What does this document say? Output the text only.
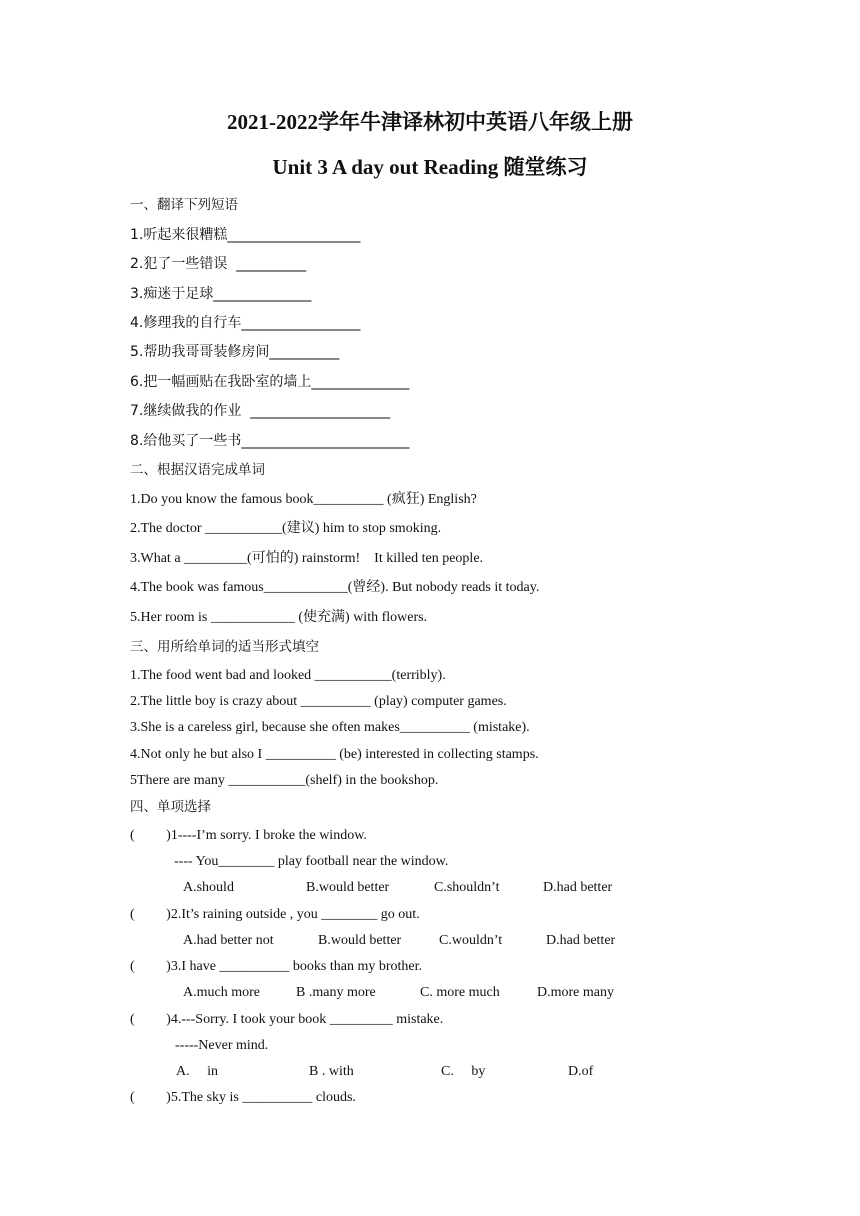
2021-2022学年牛津译林初中英语八年级上册
Unit 3 A day out Reading 随堂练习
一、翻译下列短语
1.听起来很糟糕___________________
2.犯了一些错误  __________
3.痴迷于足球______________
4.修理我的自行车_________________
5.帮助我哥哥装修房间__________
6.把一幅画贴在我卧室的墙上______________
7.继续做我的作业  ____________________
8.给他买了一些书________________________
二、根据汉语完成单词
1.Do you know the famous book__________ (疯狂) English?
2.The doctor ___________(建议) him to stop smoking.
3.What a _________(可怕的) rainstorm!    It killed ten people.
4.The book was famous____________(曾经). But nobody reads it today.
5.Her room is ____________ (使充满) with flowers.
三、用所给单词的适当形式填空
1.The food went bad and looked ___________(terribly).
2.The little boy is crazy about __________ (play) computer games.
3.She is a careless girl, because she often makes__________ (mistake).
4.Not only he but also I __________ (be) interested in collecting stamps.
5There are many ___________(shelf) in the bookshop.
四、单项选择
(         )1----I’m sorry. I broke the window.
---- You________ play football near the window.
A.should	B.would better	C.shouldn’t	D.had better
(         )2.It’s raining outside , you ________ go out.
A.had better not	B.would better	C.wouldn’t	D.had better
(         )3.I have __________ books than my brother.
A.much more	B .many more	C. more much	D.more many
(         )4.---Sorry. I took your book _________ mistake.
-----Never mind.
A.     in	B . with	C.     by	D.of
(         )5.The sky is __________ clouds.
